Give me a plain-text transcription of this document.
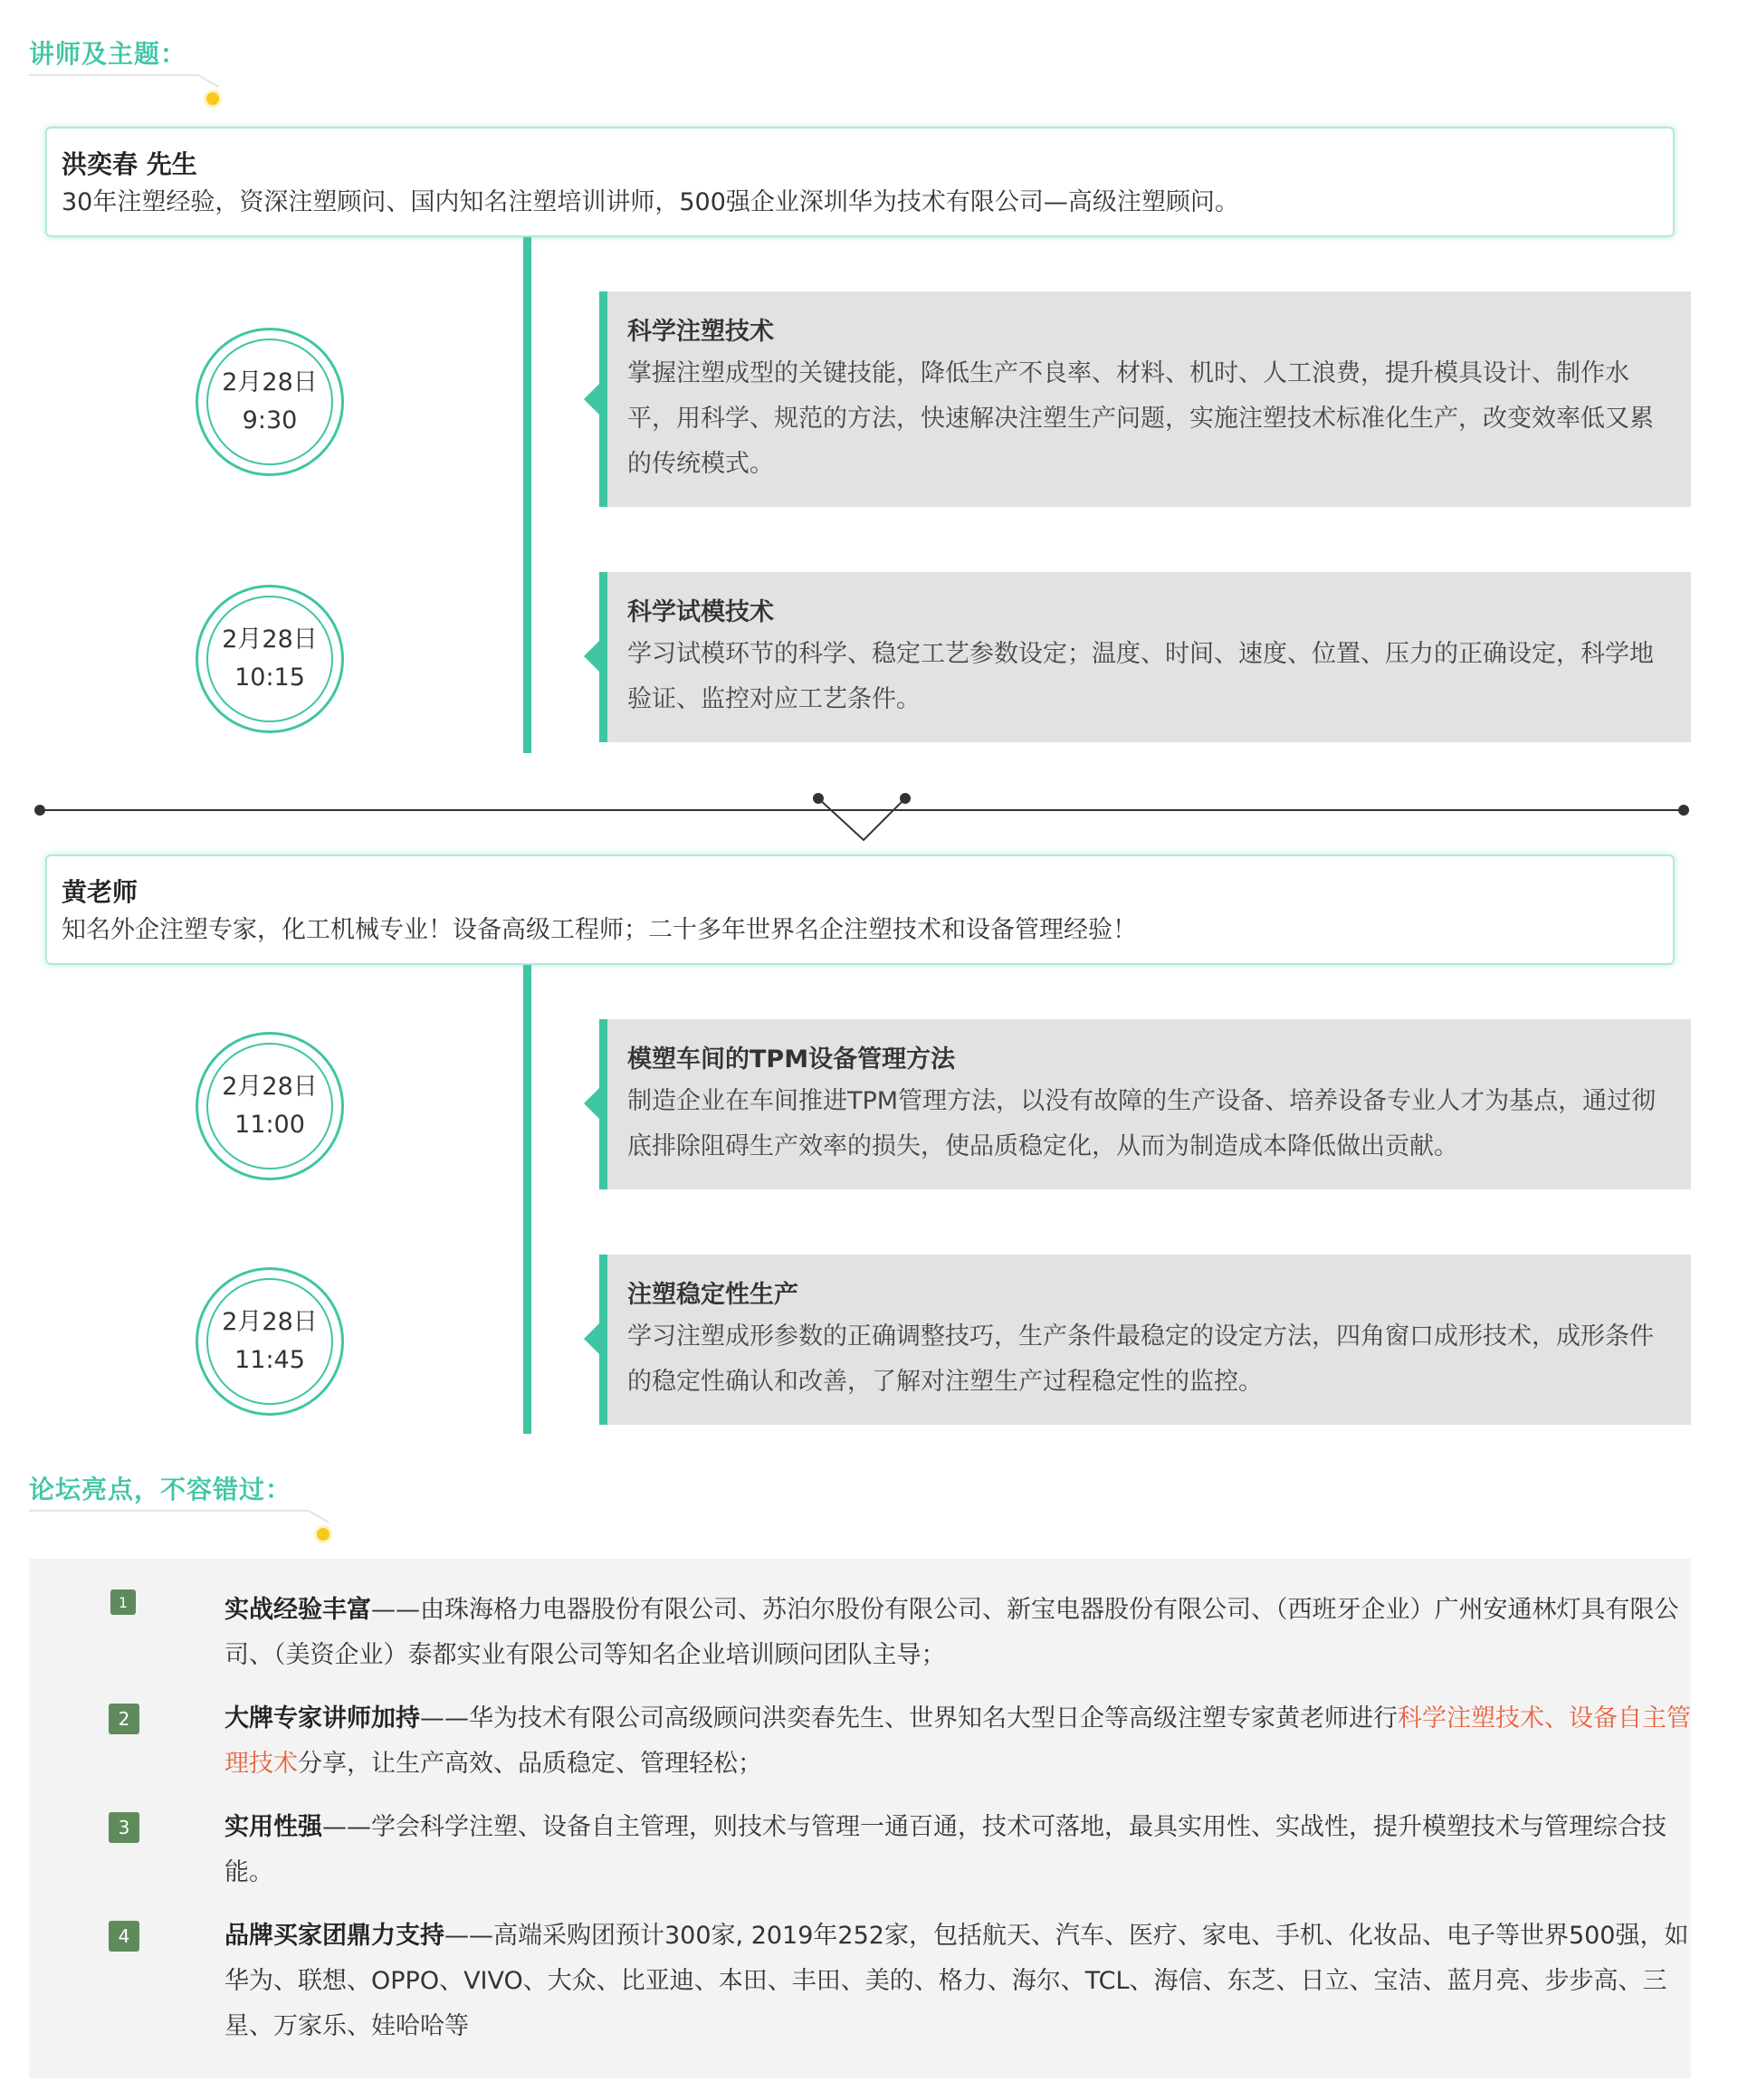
讲师及主题：
洪奕春 先生
30年注塑经验，资深注塑顾问、国内知名注塑培训讲师，500强企业深圳华为技术有限公司—高级注塑顾问。
2月28日
9:30
科学注塑技术
掌握注塑成型的关键技能，降低生产不良率、材料、机时、人工浪费，提升模具设计、制作水平，用科学、规范的方法，快速解决注塑生产问题，实施注塑技术标准化生产，改变效率低又累的传统模式。
2月28日
10:15
科学试模技术
学习试模环节的科学、稳定工艺参数设定；温度、时间、速度、位置、压力的正确设定，科学地验证、监控对应工艺条件。
黄老师
知名外企注塑专家，化工机械专业！设备高级工程师；二十多年世界名企注塑技术和设备管理经验！
2月28日
11:00
模塑车间的TPM设备管理方法
制造企业在车间推进TPM管理方法，以没有故障的生产设备、培养设备专业人才为基点，通过彻底排除阻碍生产效率的损失，使品质稳定化，从而为制造成本降低做出贡献。
2月28日
11:45
注塑稳定性生产
学习注塑成形参数的正确调整技巧，生产条件最稳定的设定方法，四角窗口成形技术，成形条件的稳定性确认和改善，了解对注塑生产过程稳定性的监控。
论坛亮点，不容错过：
1	实战经验丰富——由珠海格力电器股份有限公司、苏泊尔股份有限公司、新宝电器股份有限公司、（西班牙企业）广州安通林灯具有限公司、（美资企业）泰都实业有限公司等知名企业培训顾问团队主导；
2	大牌专家讲师加持——华为技术有限公司高级顾问洪奕春先生、世界知名大型日企等高级注塑专家黄老师进行科学注塑技术、设备自主管理技术分享，让生产高效、品质稳定、管理轻松；
3	实用性强——学会科学注塑、设备自主管理，则技术与管理一通百通，技术可落地，最具实用性、实战性，提升模塑技术与管理综合技能。
4	品牌买家团鼎力支持——高端采购团预计300家, 2019年252家，包括航天、汽车、医疗、家电、手机、化妆品、电子等世界500强，如华为、联想、OPPO、VIVO、大众、比亚迪、本田、丰田、美的、格力、海尔、TCL、海信、东芝、日立、宝洁、蓝月亮、步步高、三星、万家乐、娃哈哈等
